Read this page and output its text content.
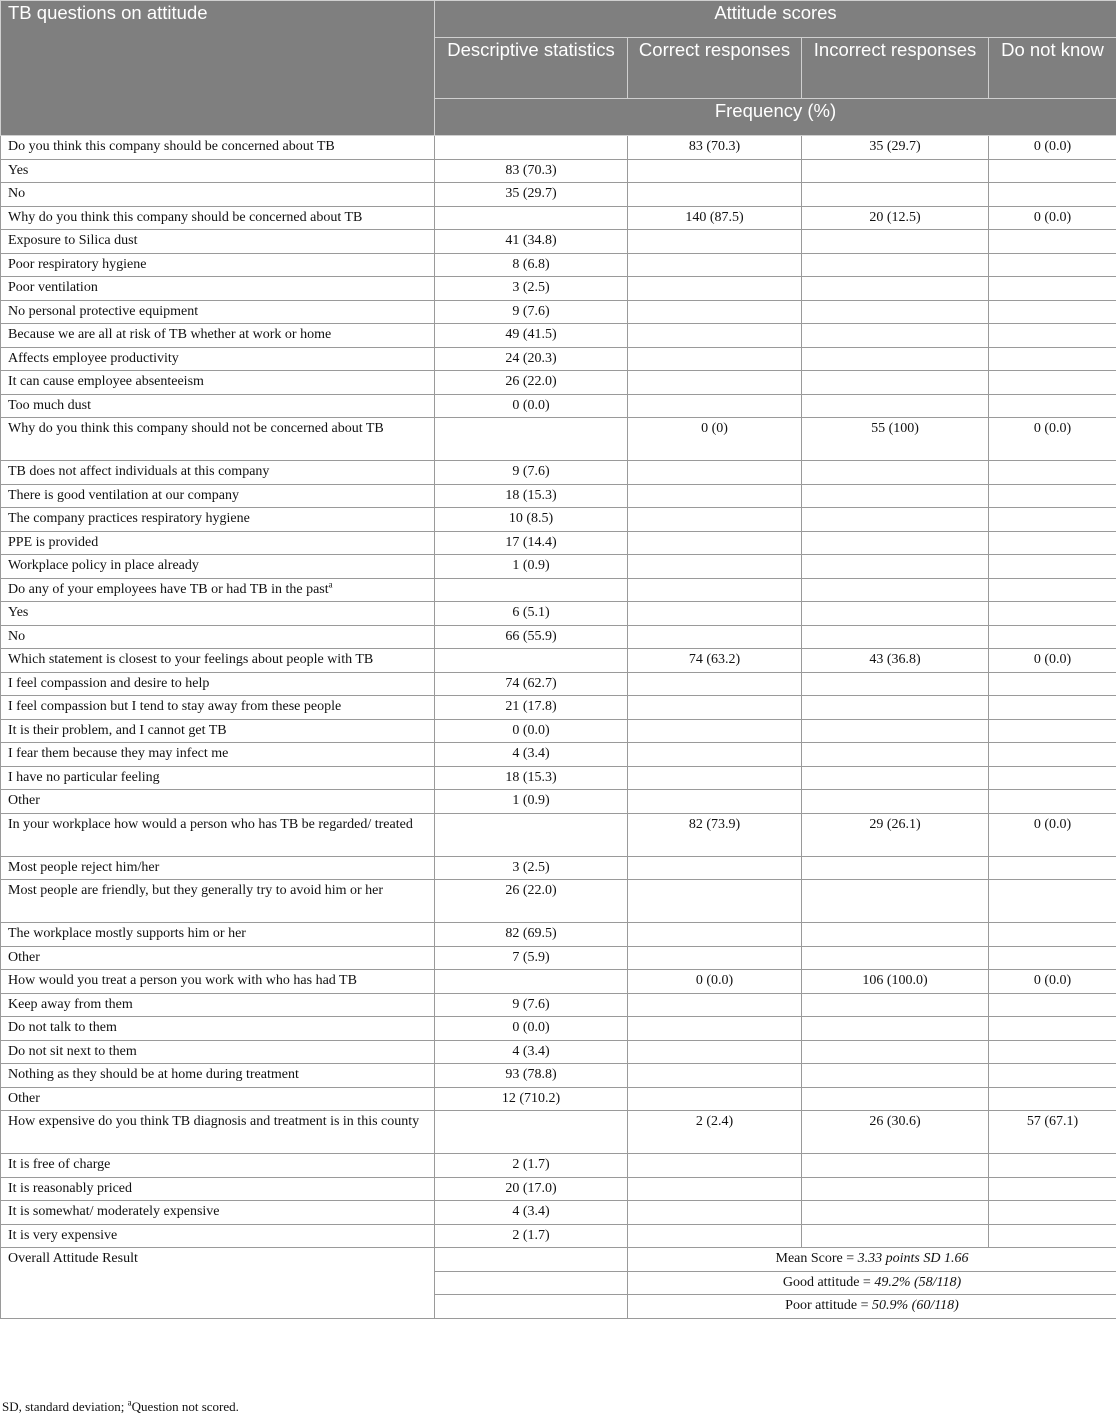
TB questions on attitude	Attitude scores			
	Descriptive statistics	Correct responses	Incorrect responses	Do not know
	Frequency (%)			
Do you think this company should be concerned about TB		83 (70.3)	35 (29.7)	0 (0.0)
Yes	83 (70.3)			
No	35 (29.7)			
Why do you think this company should be concerned about TB		140 (87.5)	20 (12.5)	0 (0.0)
Exposure to Silica dust	41 (34.8)			
Poor respiratory hygiene	8 (6.8)			
Poor ventilation	3 (2.5)			
No personal protective equipment	9 (7.6)			
Because we are all at risk of TB whether at work or home	49 (41.5)			
Affects employee productivity	24 (20.3)			
It can cause employee absenteeism	26 (22.0)			
Too much dust	0 (0.0)			
Why do you think this company should not be concerned about TB		0 (0)	55 (100)	0 (0.0)
TB does not affect individuals at this company	9 (7.6)			
There is good ventilation at our company	18 (15.3)			
The company practices respiratory hygiene	10 (8.5)			
PPE is provided	17 (14.4)			
Workplace policy in place already	1 (0.9)			
Do any of your employees have TB or had TB in the past$^a$				
Yes	6 (5.1)			
No	66 (55.9)			
Which statement is closest to your feelings about people with TB		74 (63.2)	43 (36.8)	0 (0.0)
I feel compassion and desire to help	74 (62.7)			
I feel compassion but I tend to stay away from these people	21 (17.8)			
It is their problem, and I cannot get TB	0 (0.0)			
I fear them because they may infect me	4 (3.4)			
I have no particular feeling	18 (15.3)			
Other	1 (0.9)			
In your workplace how would a person who has TB be regarded/ treated		82 (73.9)	29 (26.1)	0 (0.0)
Most people reject him/her	3 (2.5)			
Most people are friendly, but they generally try to avoid him or her	26 (22.0)			
The workplace mostly supports him or her	82 (69.5)			
Other	7 (5.9)			
How would you treat a person you work with who has had TB		0 (0.0)	106 (100.0)	0 (0.0)
Keep away from them	9 (7.6)			
Do not talk to them	0 (0.0)			
Do not sit next to them	4 (3.4)			
Nothing as they should be at home during treatment	93 (78.8)			
Other	12 (710.2)			
How expensive do you think TB diagnosis and treatment is in this county		2 (2.4)	26 (30.6)	57 (67.1)
It is free of charge	2 (1.7)			
It is reasonably priced	20 (17.0)			
It is somewhat/ moderately expensive	4 (3.4)			
It is very expensive	2 (1.7)			
Overall Attitude Result		Mean Score = 3.33 points SD 1.66		
		Good attitude = 49.2% (58/118)		
		Poor attitude = 50.9% (60/118)		
SD, standard deviation; $^a$Question not scored.
